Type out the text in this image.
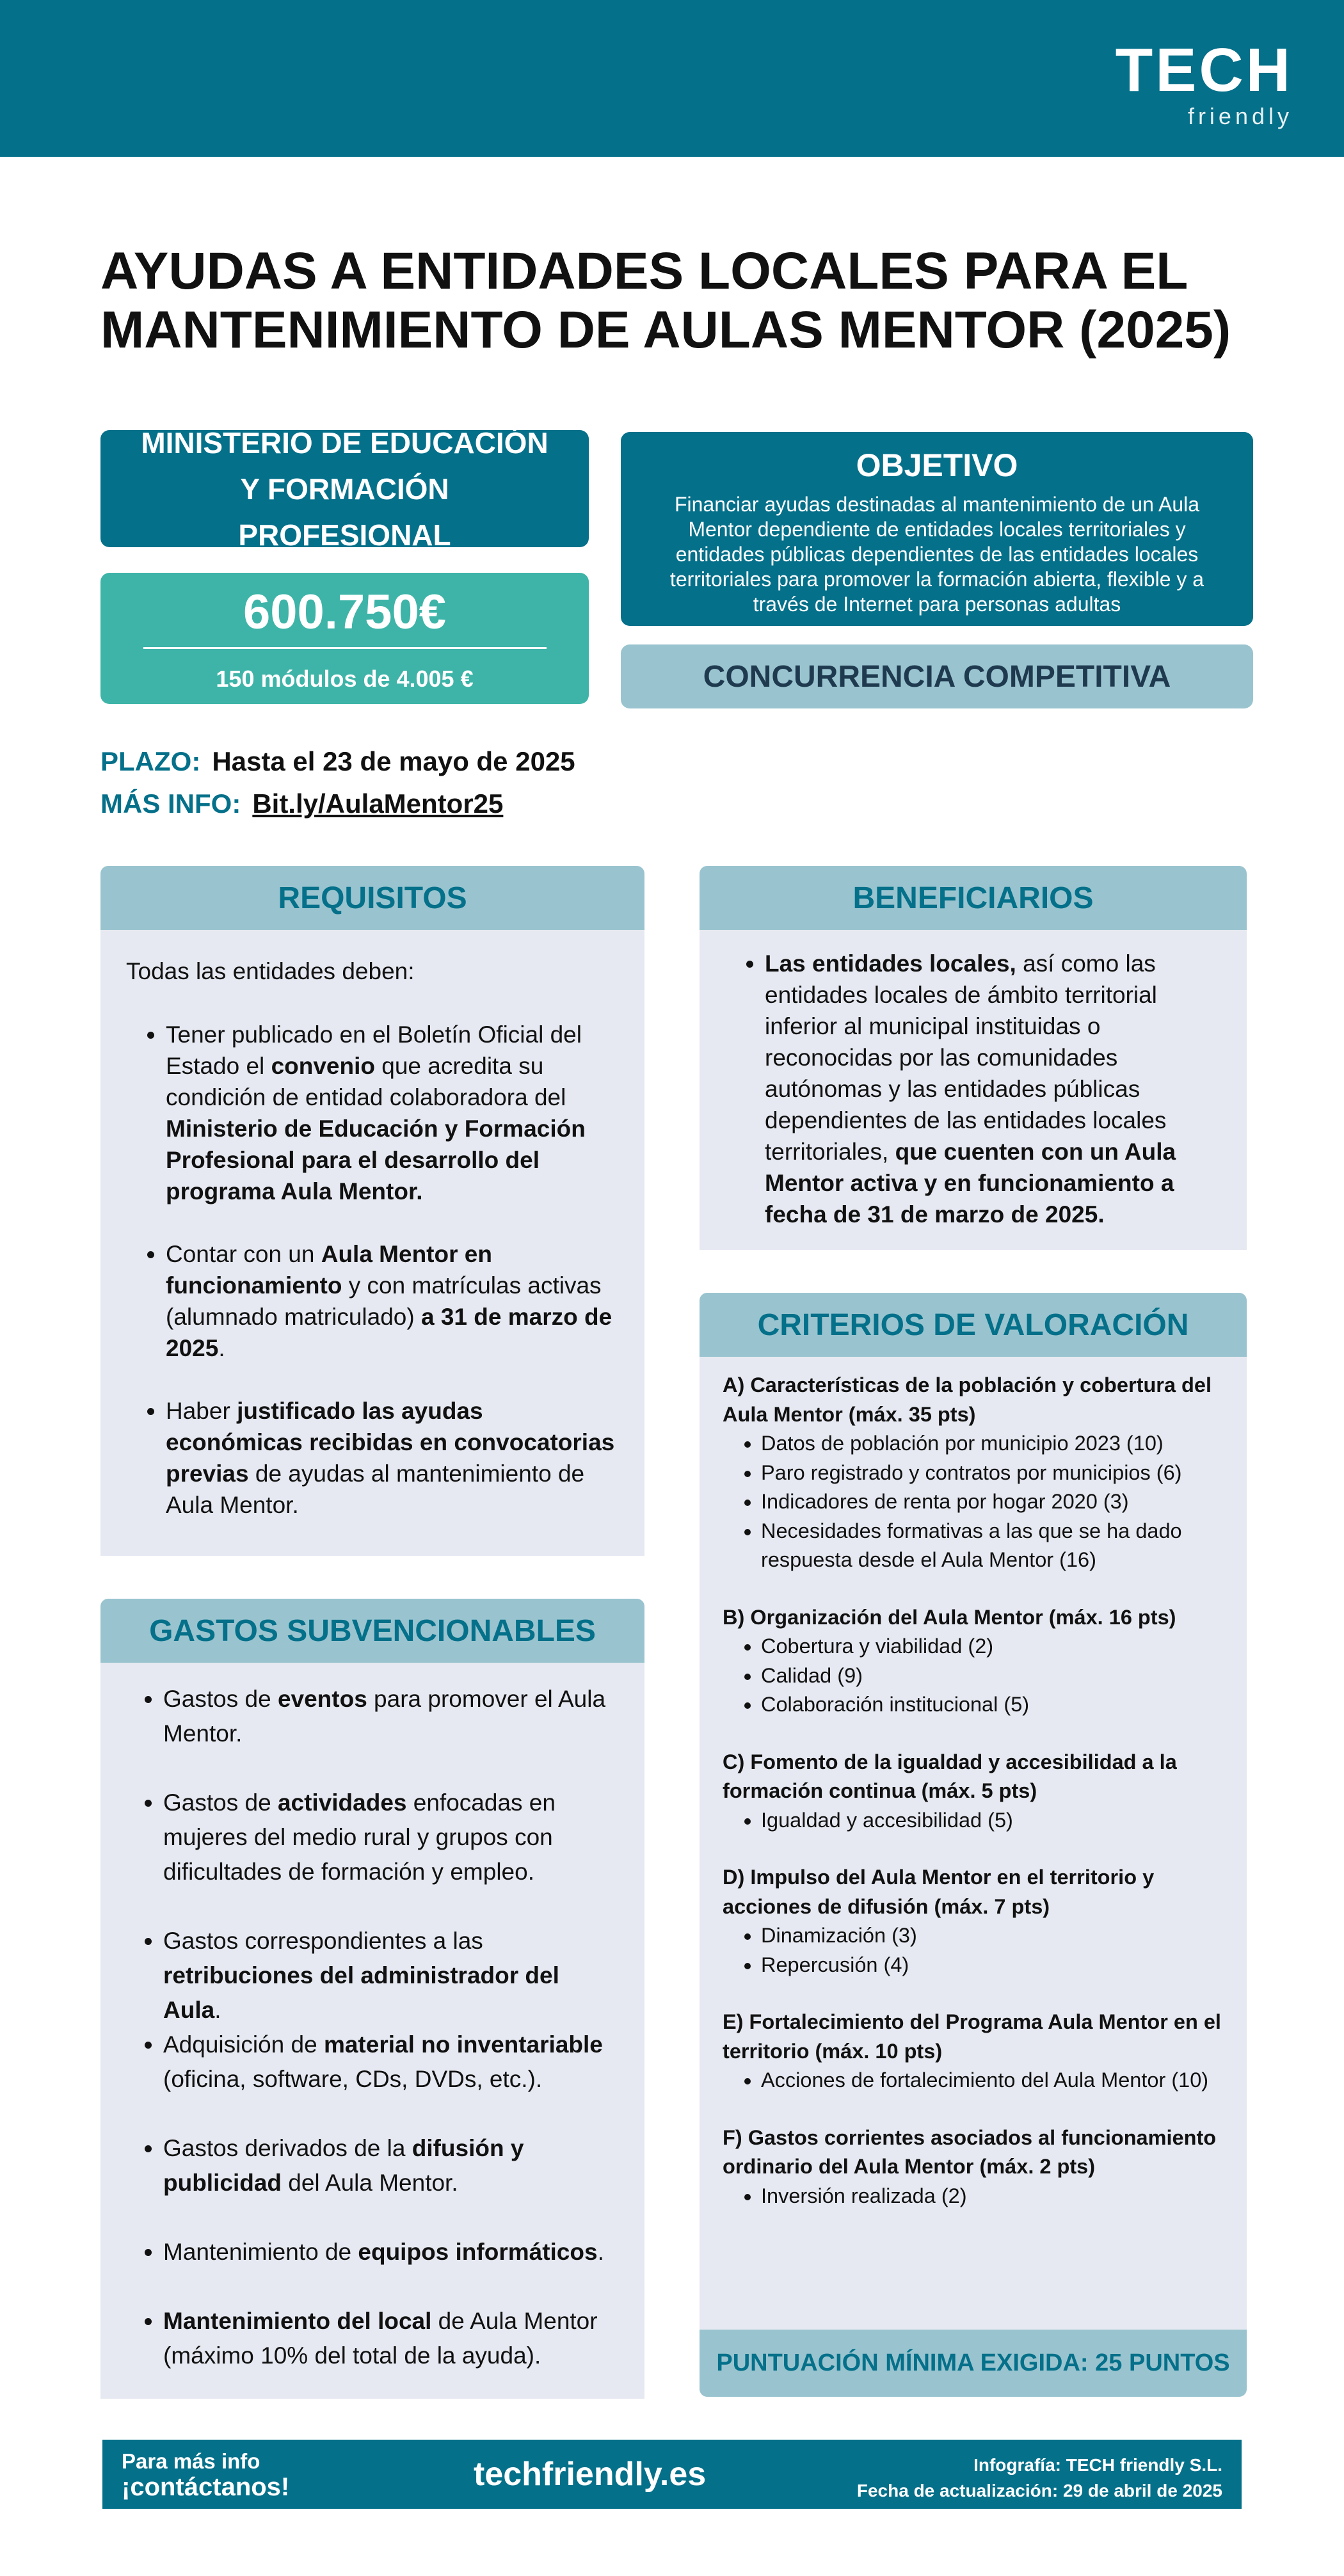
TECH
friendly
AYUDAS A ENTIDADES LOCALES PARA EL MANTENIMIENTO DE AULAS MENTOR (2025)
MINISTERIO DE EDUCACIÓN Y FORMACIÓN PROFESIONAL
600.750€
150 módulos de 4.005 €
OBJETIVO
Financiar ayudas destinadas al mantenimiento de un Aula Mentor dependiente de entidades locales territoriales y entidades públicas dependientes de las entidades locales territoriales para promover la formación abierta, flexible y a través de Internet para personas adultas
CONCURRENCIA COMPETITIVA
PLAZO: Hasta el 23 de mayo de 2025
MÁS INFO: Bit.ly/AulaMentor25
REQUISITOS
Todas las entidades deben:
• Tener publicado en el Boletín Oficial del Estado el convenio que acredita su condición de entidad colaboradora del Ministerio de Educación y Formación Profesional para el desarrollo del programa Aula Mentor.
• Contar con un Aula Mentor en funcionamiento y con matrículas activas (alumnado matriculado) a 31 de marzo de 2025.
• Haber justificado las ayudas económicas recibidas en convocatorias previas de ayudas al mantenimiento de Aula Mentor.
BENEFICIARIOS
• Las entidades locales, así como las entidades locales de ámbito territorial inferior al municipal instituidas o reconocidas por las comunidades autónomas y las entidades públicas dependientes de las entidades locales territoriales, que cuenten con un Aula Mentor activa y en funcionamiento a fecha de 31 de marzo de 2025.
GASTOS SUBVENCIONABLES
• Gastos de eventos para promover el Aula Mentor.
• Gastos de actividades enfocadas en mujeres del medio rural y grupos con dificultades de formación y empleo.
• Gastos correspondientes a las retribuciones del administrador del Aula.
• Adquisición de material no inventariable (oficina, software, CDs, DVDs, etc.).
• Gastos derivados de la difusión y publicidad del Aula Mentor.
• Mantenimiento de equipos informáticos.
• Mantenimiento del local de Aula Mentor (máximo 10% del total de la ayuda).
CRITERIOS DE VALORACIÓN
A) Características de la población y cobertura del Aula Mentor (máx. 35 pts)
• Datos de población por municipio 2023 (10)
• Paro registrado y contratos por municipios (6)
• Indicadores de renta por hogar 2020 (3)
• Necesidades formativas a las que se ha dado respuesta desde el Aula Mentor (16)
B) Organización del Aula Mentor (máx. 16 pts)
• Cobertura y viabilidad (2)
• Calidad (9)
• Colaboración institucional (5)
C) Fomento de la igualdad y accesibilidad a la formación continua (máx. 5 pts)
• Igualdad y accesibilidad (5)
D) Impulso del Aula Mentor en el territorio y acciones de difusión (máx. 7 pts)
• Dinamización (3)
• Repercusión (4)
E) Fortalecimiento del Programa Aula Mentor en el territorio (máx. 10 pts)
• Acciones de fortalecimiento del Aula Mentor (10)
F) Gastos corrientes asociados al funcionamiento ordinario del Aula Mentor (máx. 2 pts)
• Inversión realizada (2)
PUNTUACIÓN MÍNIMA EXIGIDA: 25 PUNTOS
Para más info
¡contáctanos!	techfriendly.es	Infografía: TECH friendly S.L.
Fecha de actualización: 29 de abril de 2025
